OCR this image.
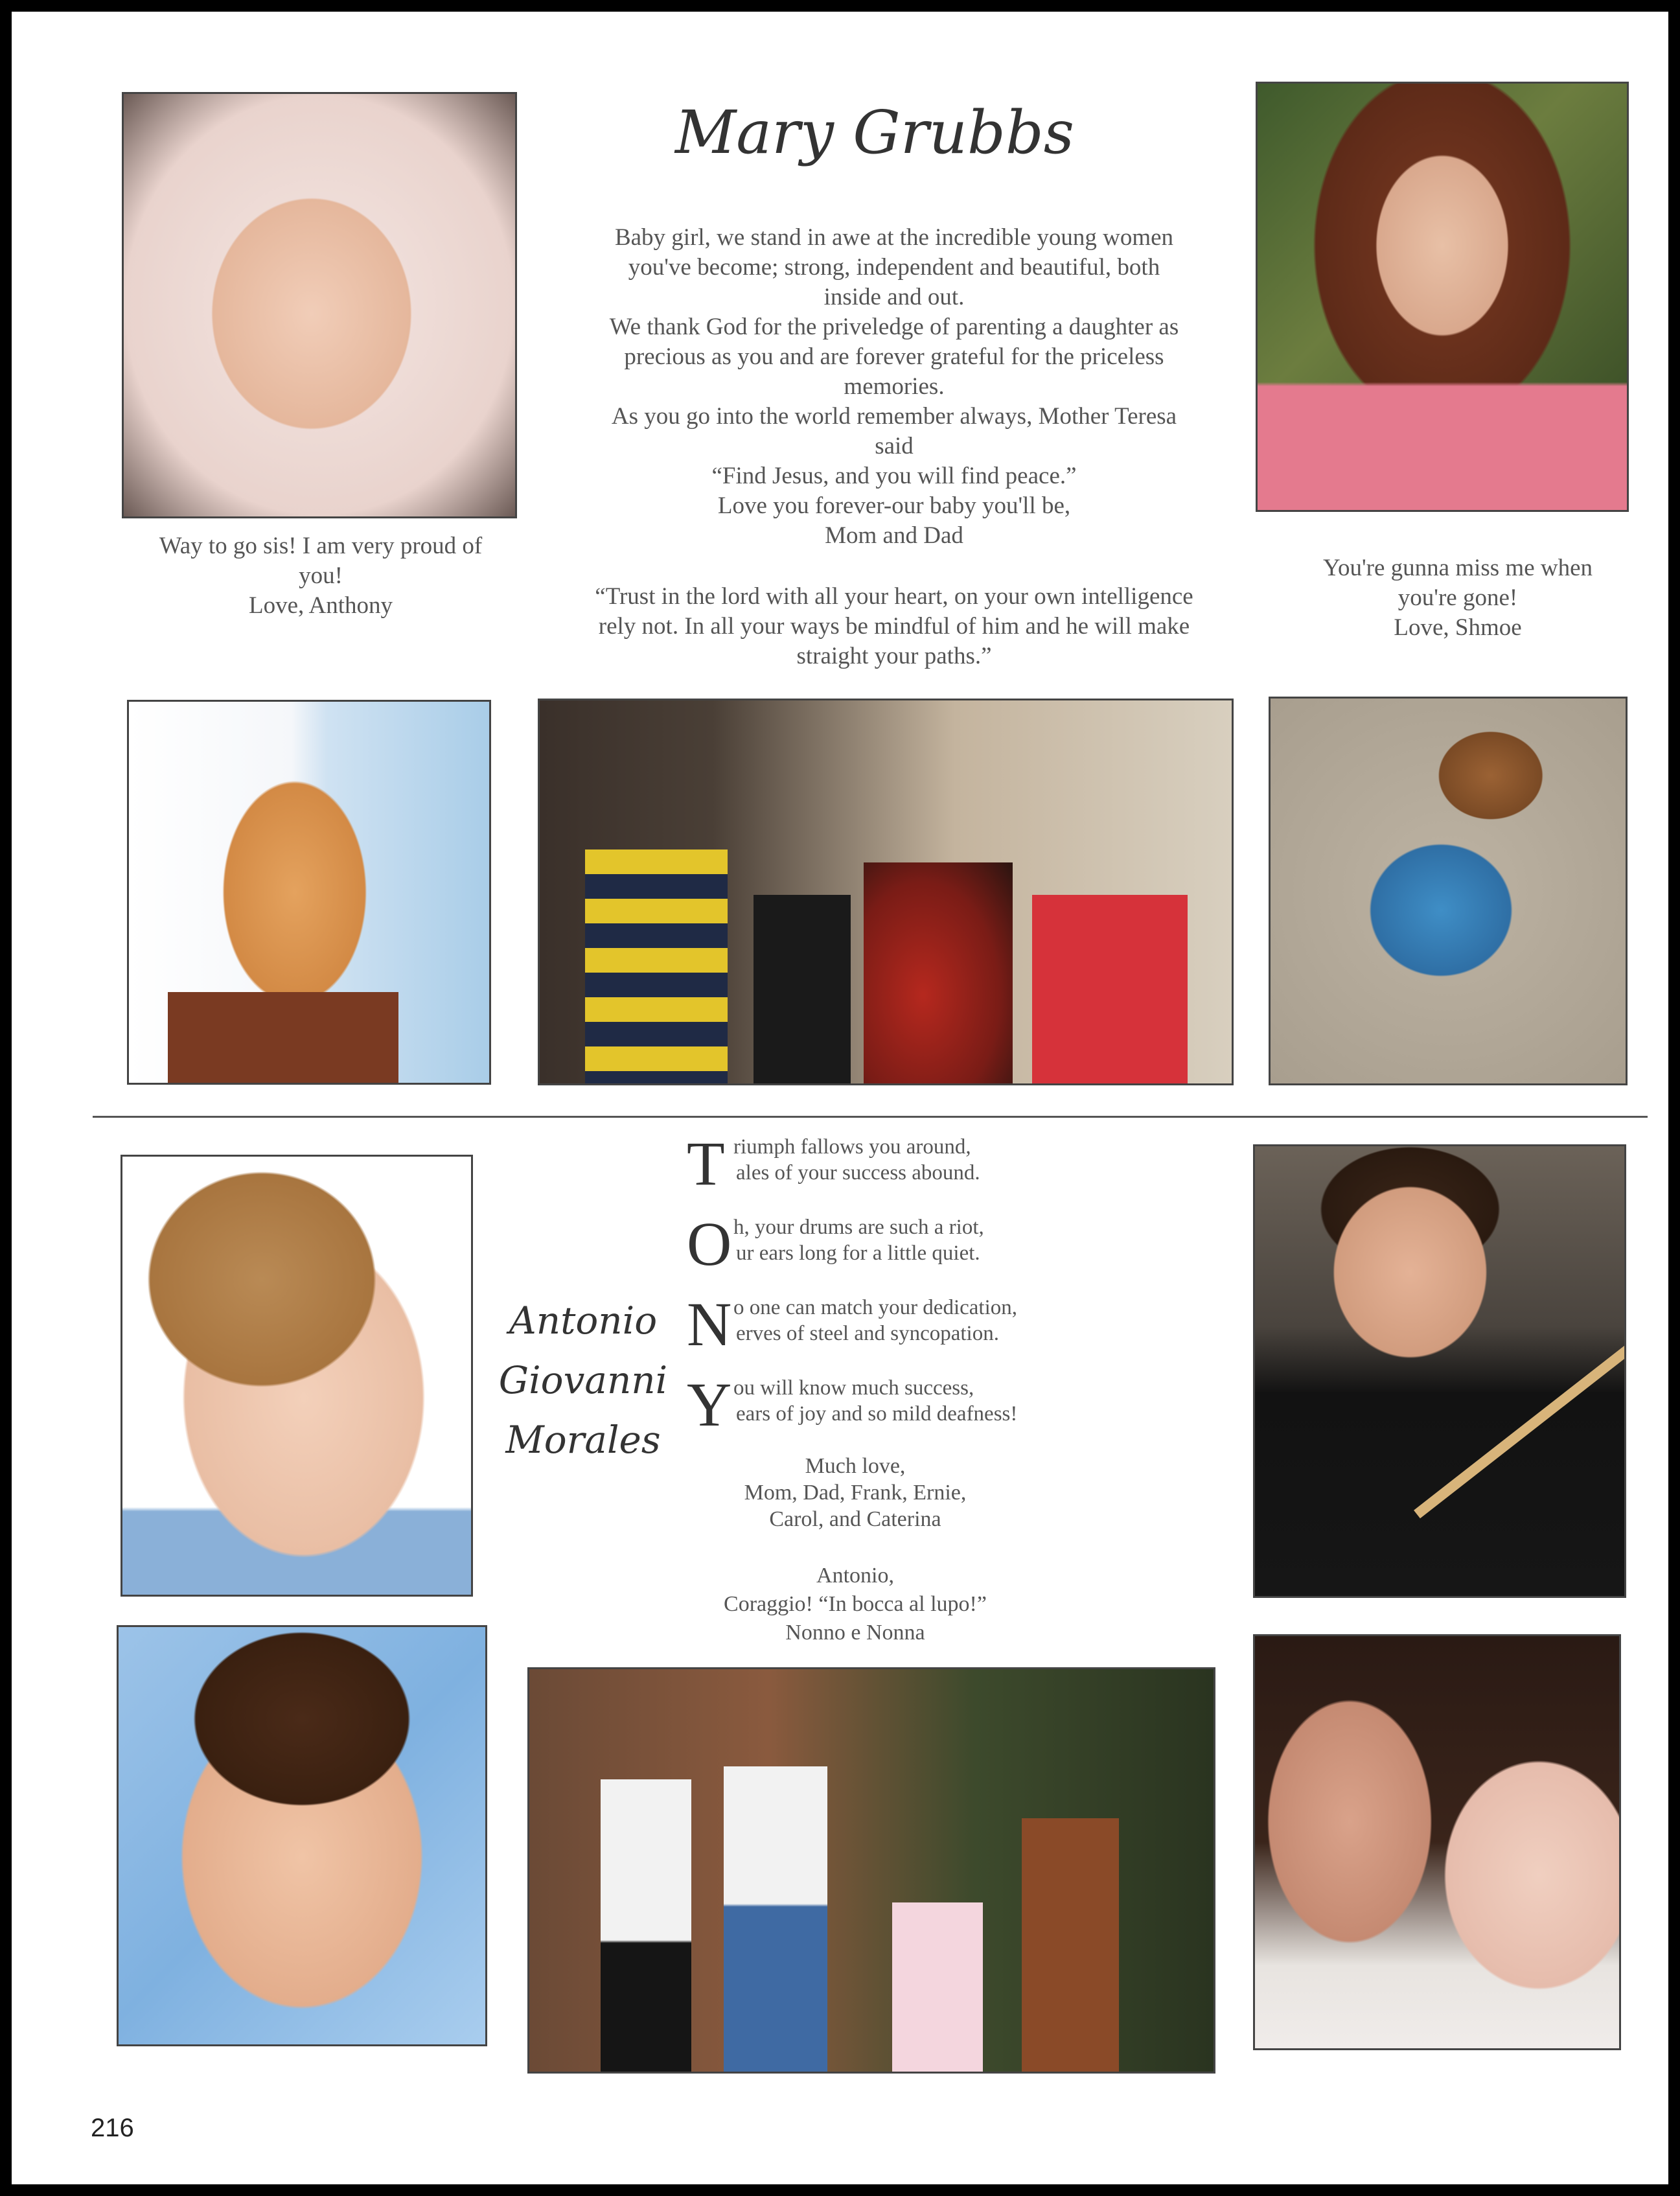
Mary Grubbs
Baby girl, we stand in awe at the incredible young women
you've become; strong, independent and beautiful, both
inside and out.
We thank God for the priveledge of parenting a daughter as
precious as you and are forever grateful for the priceless
memories.
As you go into the world remember always, Mother Teresa
said
“Find Jesus, and you will find peace.”
Love you forever-our baby you'll be,
Mom and Dad
“Trust in the lord with all your heart, on your own intelligence
rely not. In all your ways be mindful of him and he will make
straight your paths.”
Way to go sis! I am very proud of
you!
Love, Anthony
You're gunna miss me when
you're gone!
Love, Shmoe
Antonio
Giovanni
Morales
T riumph fallows you around,
ales of your success abound.
O h, your drums are such a riot,
ur ears long for a little quiet.
N o one can match your dedication,
erves of steel and syncopation.
Y ou will know much success,
ears of joy and so mild deafness!
Much love,
Mom, Dad, Frank, Ernie,
Carol, and Caterina
Antonio,
Coraggio! “In bocca al lupo!”
Nonno e Nonna
216
